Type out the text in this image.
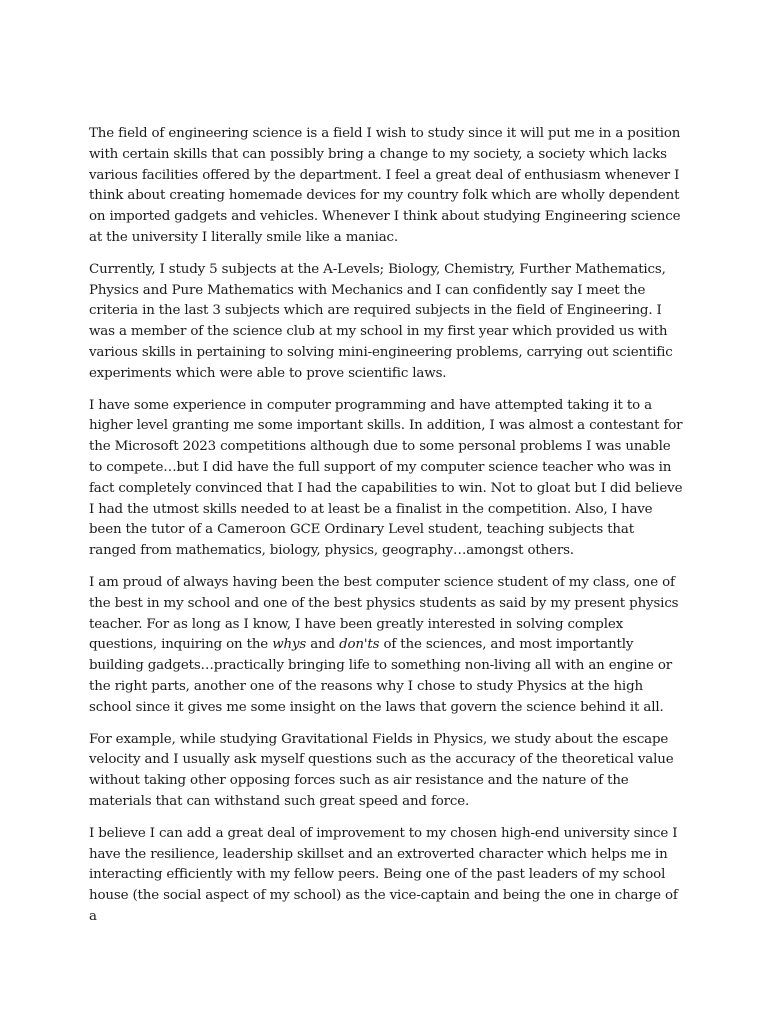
The field of engineering science is a field I wish to study since it will put me in a position with certain skills that can possibly bring a change to my society, a society which lacks various facilities offered by the department. I feel a great deal of enthusiasm whenever I think about creating homemade devices for my country folk which are wholly dependent on imported gadgets and vehicles. Whenever I think about studying Engineering science at the university I literally smile like a maniac.

Currently, I study 5 subjects at the A-Levels; Biology, Chemistry, Further Mathematics, Physics and Pure Mathematics with Mechanics and I can confidently say I meet the criteria in the last 3 subjects which are required subjects in the field of Engineering. I was a member of the science club at my school in my first year which provided us with various skills in pertaining to solving mini-engineering problems, carrying out scientific experiments which were able to prove scientific laws.

I have some experience in computer programming and have attempted taking it to a higher level granting me some important skills. In addition, I was almost a contestant for the Microsoft 2023 competitions although due to some personal problems I was unable to compete…but I did have the full support of my computer science teacher who was in fact completely convinced that I had the capabilities to win. Not to gloat but I did believe I had the utmost skills needed to at least be a finalist in the competition. Also, I have been the tutor of a Cameroon GCE Ordinary Level student, teaching subjects that ranged from mathematics, biology, physics, geography…amongst others.

I am proud of always having been the best computer science student of my class, one of the best in my school and one of the best physics students as said by my present physics teacher. For as long as I know, I have been greatly interested in solving complex questions, inquiring on the whys and don'ts of the sciences, and most importantly building gadgets…practically bringing life to something non-living all with an engine or the right parts, another one of the reasons why I chose to study Physics at the high school since it gives me some insight on the laws that govern the science behind it all.

For example, while studying Gravitational Fields in Physics, we study about the escape velocity and I usually ask myself questions such as the accuracy of the theoretical value without taking other opposing forces such as air resistance and the nature of the materials that can withstand such great speed and force.

I believe I can add a great deal of improvement to my chosen high-end university since I have the resilience, leadership skillset and an extroverted character which helps me in interacting efficiently with my fellow peers. Being one of the past leaders of my school house (the social aspect of my school) as the vice-captain and being the one in charge of a
